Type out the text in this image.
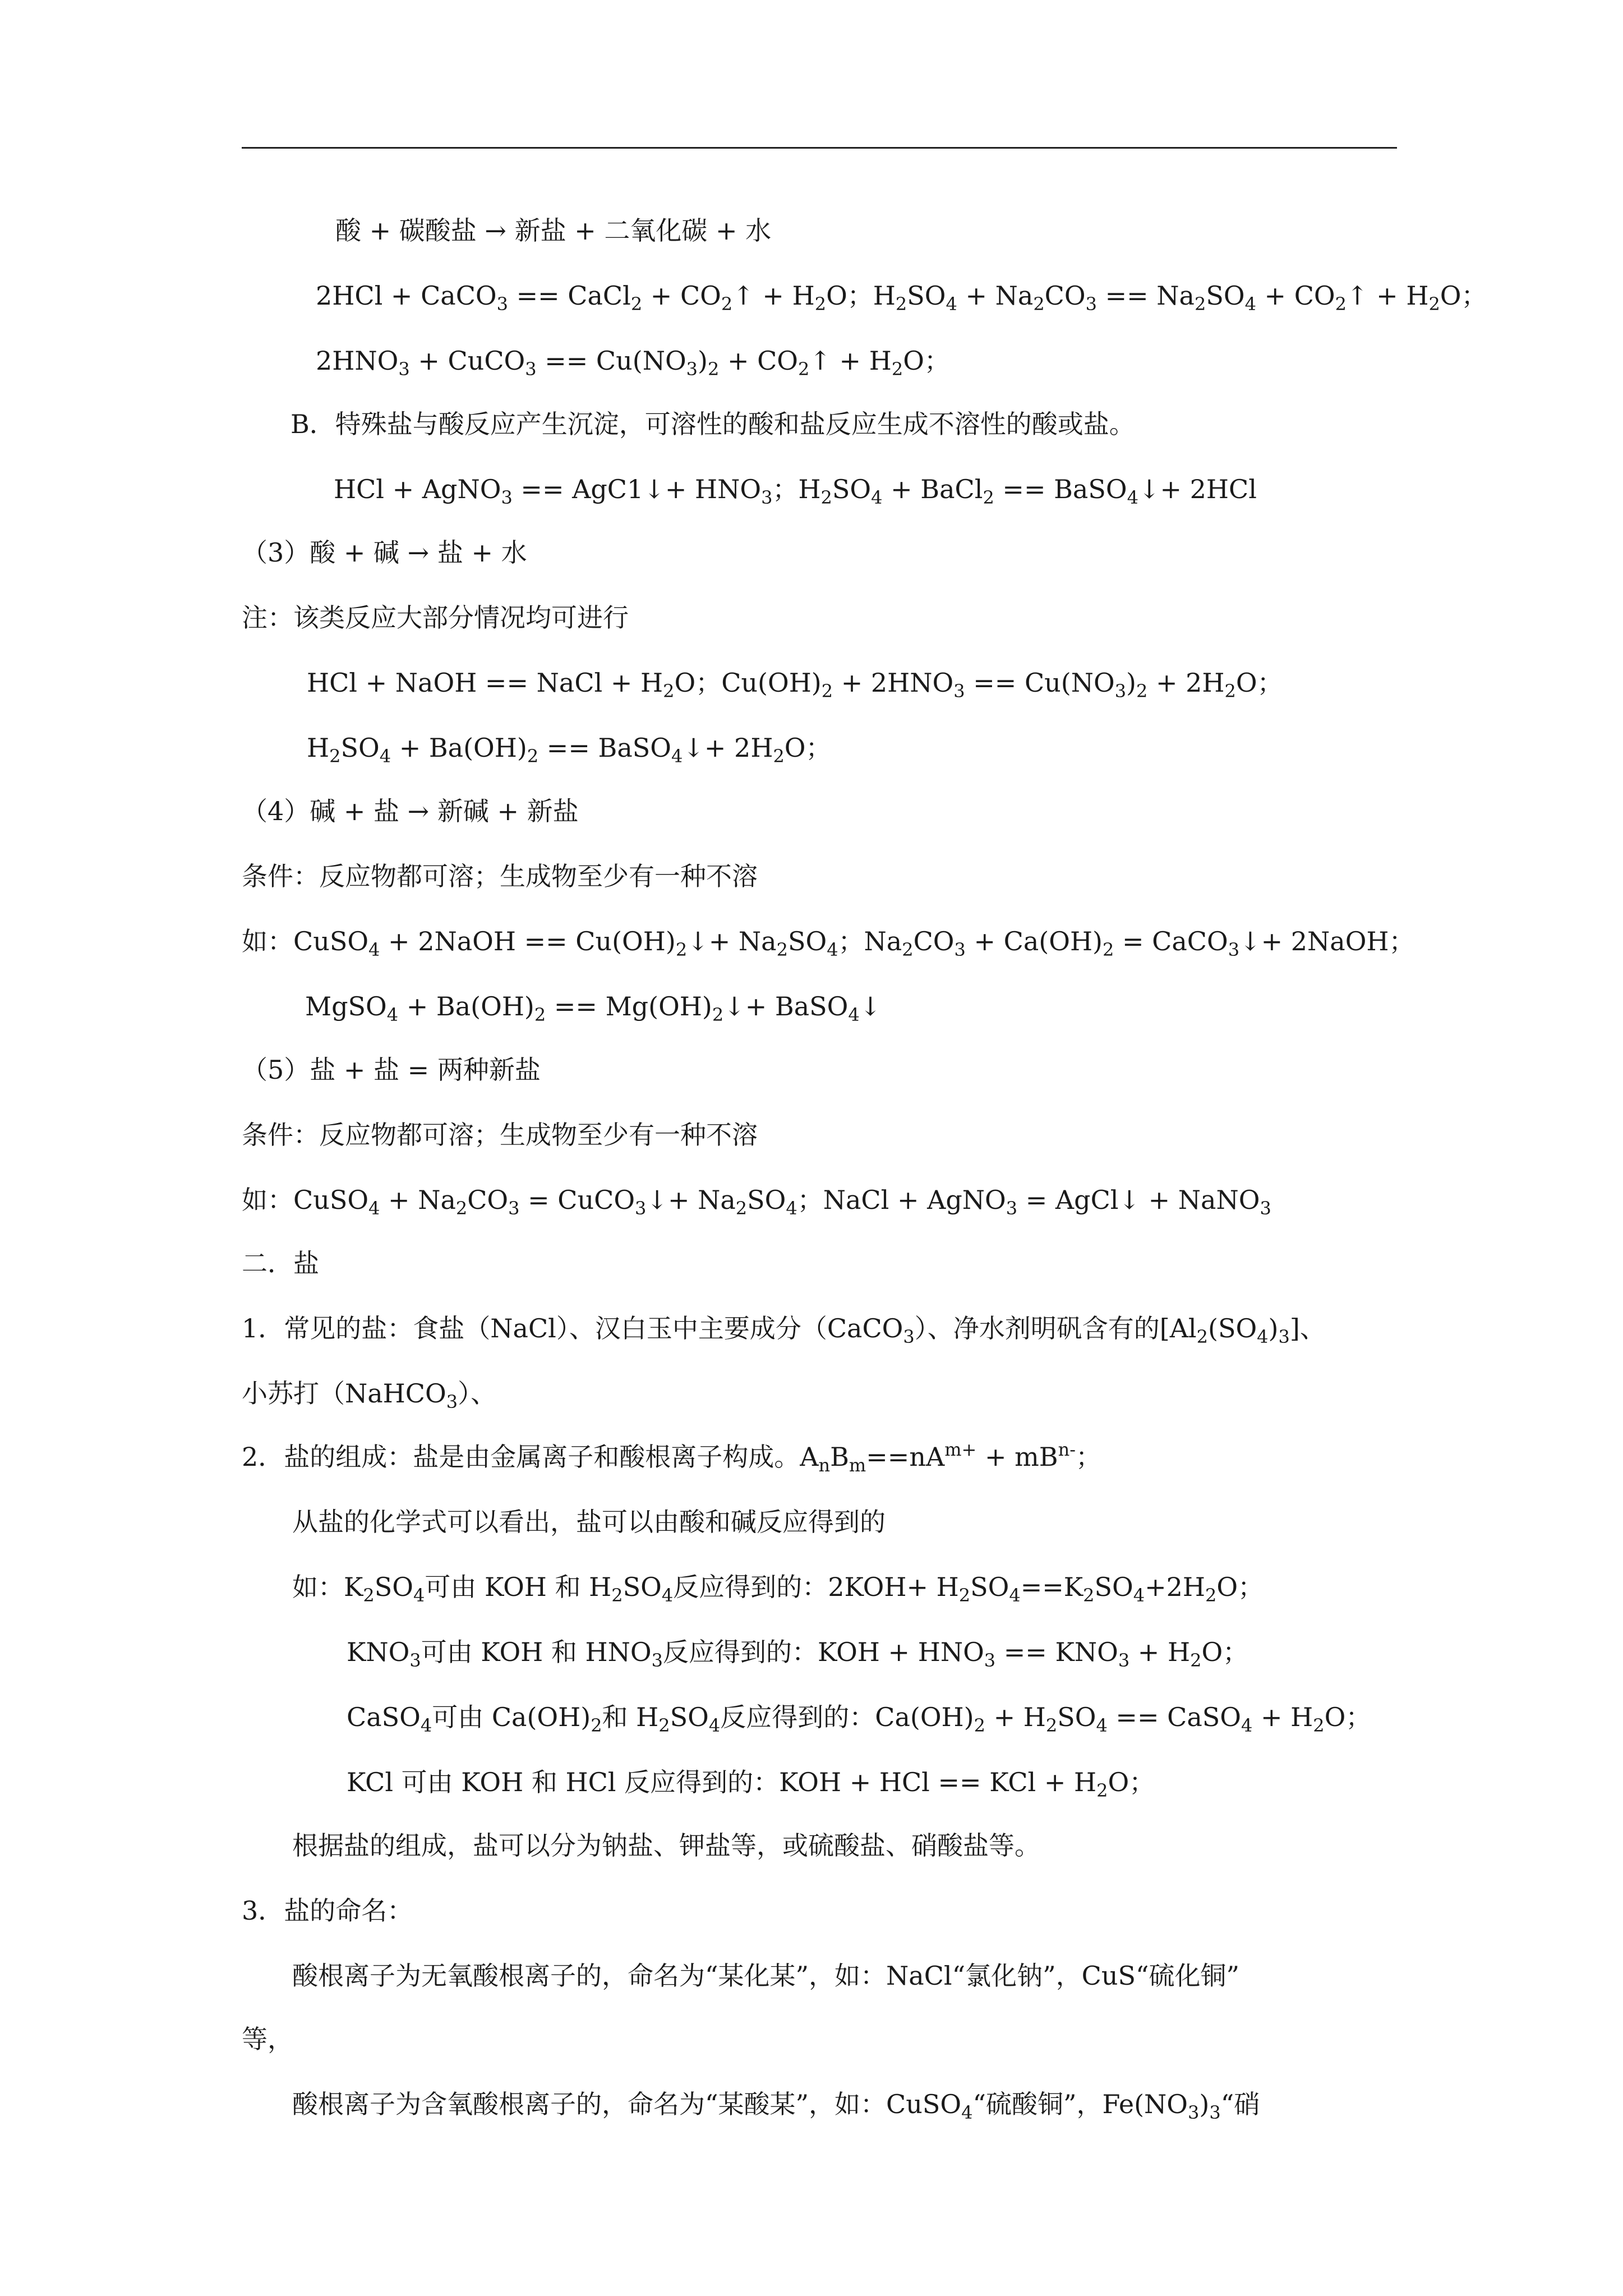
酸 + 碳酸盐 → 新盐 + 二氧化碳 + 水
2HCl + CaCO$_3$ == CaCl$_2$ + $CO_2↑ + H_2O$；$H_2SO_4 + Na_2CO_3 == Na_2SO_4$ + $CO_2↑ + H_2O$；
$2HNO_3$ + CuCO$_3$ == $Cu(NO_3)_2$ + $CO_2↑ + H_2O$；
B．特殊盐与酸反应产生沉淀，可溶性的酸和盐反应生成不溶性的酸或盐。
HCl + AgNO$_3$ == AgC1↓+ $HNO_3$；$H_2SO_4$ + BaCl$_2$ == BaSO$_4$↓+ 2HCl
（3）酸 + 碱 → 盐 + 水
注：该类反应大部分情况均可进行
HCl + NaOH == NaCl + $H_2O$；$Cu(OH)_2 + 2HNO_3 == Cu(NO_3)_2 + 2H_2O$；
$H_2SO_4 + Ba(OH)_2$ == BaSO$_4$↓+ $2H_2O$；
（4）碱 + 盐 → 新碱 + 新盐
条件：反应物都可溶；生成物至少有一种不溶
如：CuSO$_4$ + 2NaOH == $Cu(OH)_2↓+ Na_2SO_4$；$Na_2CO_3 + Ca(OH)_2$ = CaCO$_3$↓+ 2NaOH；
MgSO$_4$ + $Ba(OH)_2$ == $Mg(OH)_2↓+$ BaSO$_4$↓
（5）盐 + 盐 = 两种新盐
条件：反应物都可溶；生成物至少有一种不溶
如：CuSO$_4$ + $Na_2CO_3$ = CuCO$_3$↓+ $Na_2SO_4$；NaCl + AgNO$_3$ = AgCl↓ + NaNO$_3$
二．盐
1．常见的盐：食盐（NaCl）、汉白玉中主要成分（CaCO$_3$）、净水剂明矾含有的$[Al_2(SO_4)_3]$、
小苏打（NaHCO$_3$）、
2．盐的组成：盐是由金属离子和酸根离子构成。$A_nB_m==nA^{m+} + mB^{n-}$；
从盐的化学式可以看出，盐可以由酸和碱反应得到的
如：$K_2SO_4$可由 KOH 和 $H_2SO_4$反应得到的：$2KOH+ H_2SO_4==K_2SO_4+2H_2O$；
$KNO_3$可由 KOH 和 $HNO_3$反应得到的：KOH + $HNO_3 == KNO_3 + H_2O$；
CaSO$_4$可由 $Ca(OH)_2$和 $H_2SO_4$反应得到的：$Ca(OH)_2 + H_2SO_4$ == CaSO$_4$ + $H_2O$；
KCl 可由 KOH 和 HCl 反应得到的：KOH + HCl == KCl + $H_2O$；
根据盐的组成，盐可以分为钠盐、钾盐等，或硫酸盐、硝酸盐等。
3．盐的命名：
酸根离子为无氧酸根离子的，命名为“某化某”，如：NaCl“氯化钠”，CuS“硫化铜”
等，
酸根离子为含氧酸根离子的，命名为“某酸某”，如：CuSO$_4$“硫酸铜”，$Fe(NO_3)_3“$硝
